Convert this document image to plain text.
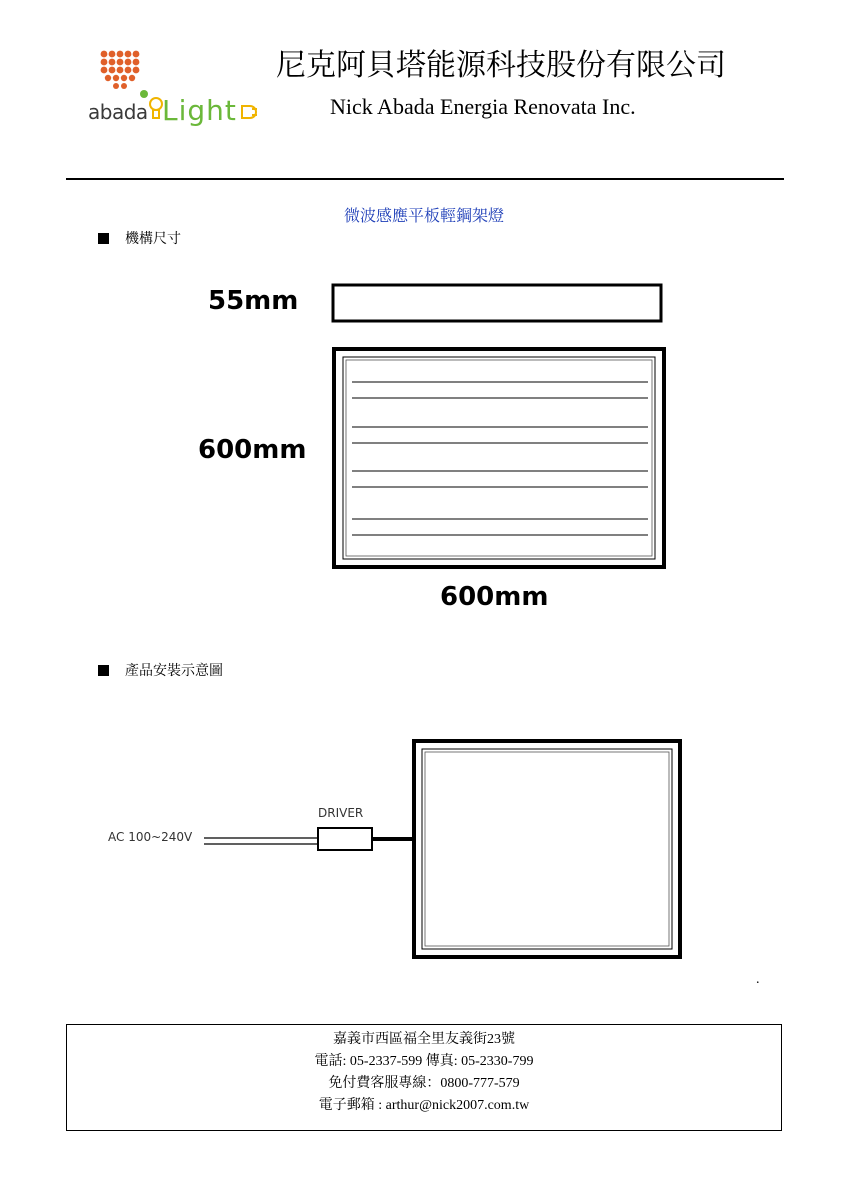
abada Light
尼克阿貝塔能源科技股份有限公司
Nick Abada Energia Renovata Inc.
微波感應平板輕鋼架燈
機構尺寸
55mm
600mm
600mm
產品安裝示意圖
DRIVER
AC 100~240V
.
嘉義市西區福全里友義街23號
電話: 05-2337-599 傳真: 05-2330-799
免付費客服專線：0800-777-579
電子郵箱 : arthur@nick2007.com.tw
